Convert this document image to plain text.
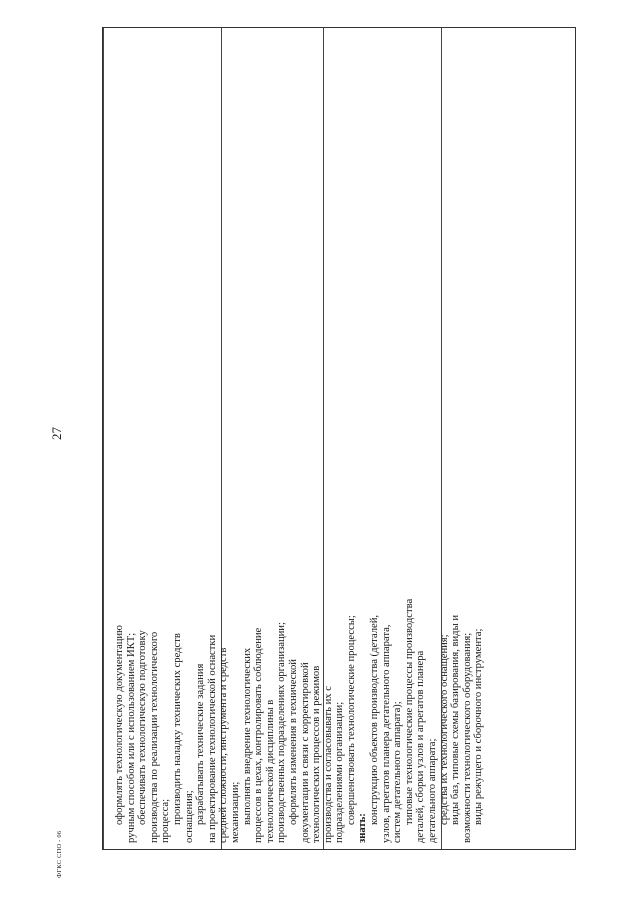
оформлять технологическую документацию ручным способом или с использованием ИКТ; обеспечивать технологическую подготовку производства по реализации технологического процесса; производить наладку технических средств оснащения; разрабатывать технические задания на проектирование технологической оснастки средней сложности, инструмента и средств механизации; выполнять внедрение технологических процессов в цехах, контролировать соблюдение технологической дисциплины в производственных подразделениях организации; оформлять изменения в технической документации в связи с корректировкой технологических процессов и режимов производства и согласовывать их с подразделениями организации; совершенствовать технологические процессы;
знать:
конструкцию объектов производства (деталей, узлов, агрегатов планера детательного аппарата, систем детательного аппарата); типовые технологические процессы производства деталей, сборки узлов и агрегатов планера детательного аппарата; средства их технологического оснащения; виды баз, типовые схемы базирования, виды и возможности технологического оборудования; виды режущего и сборочного инструмента;
27
ФГКС СПО - 06
